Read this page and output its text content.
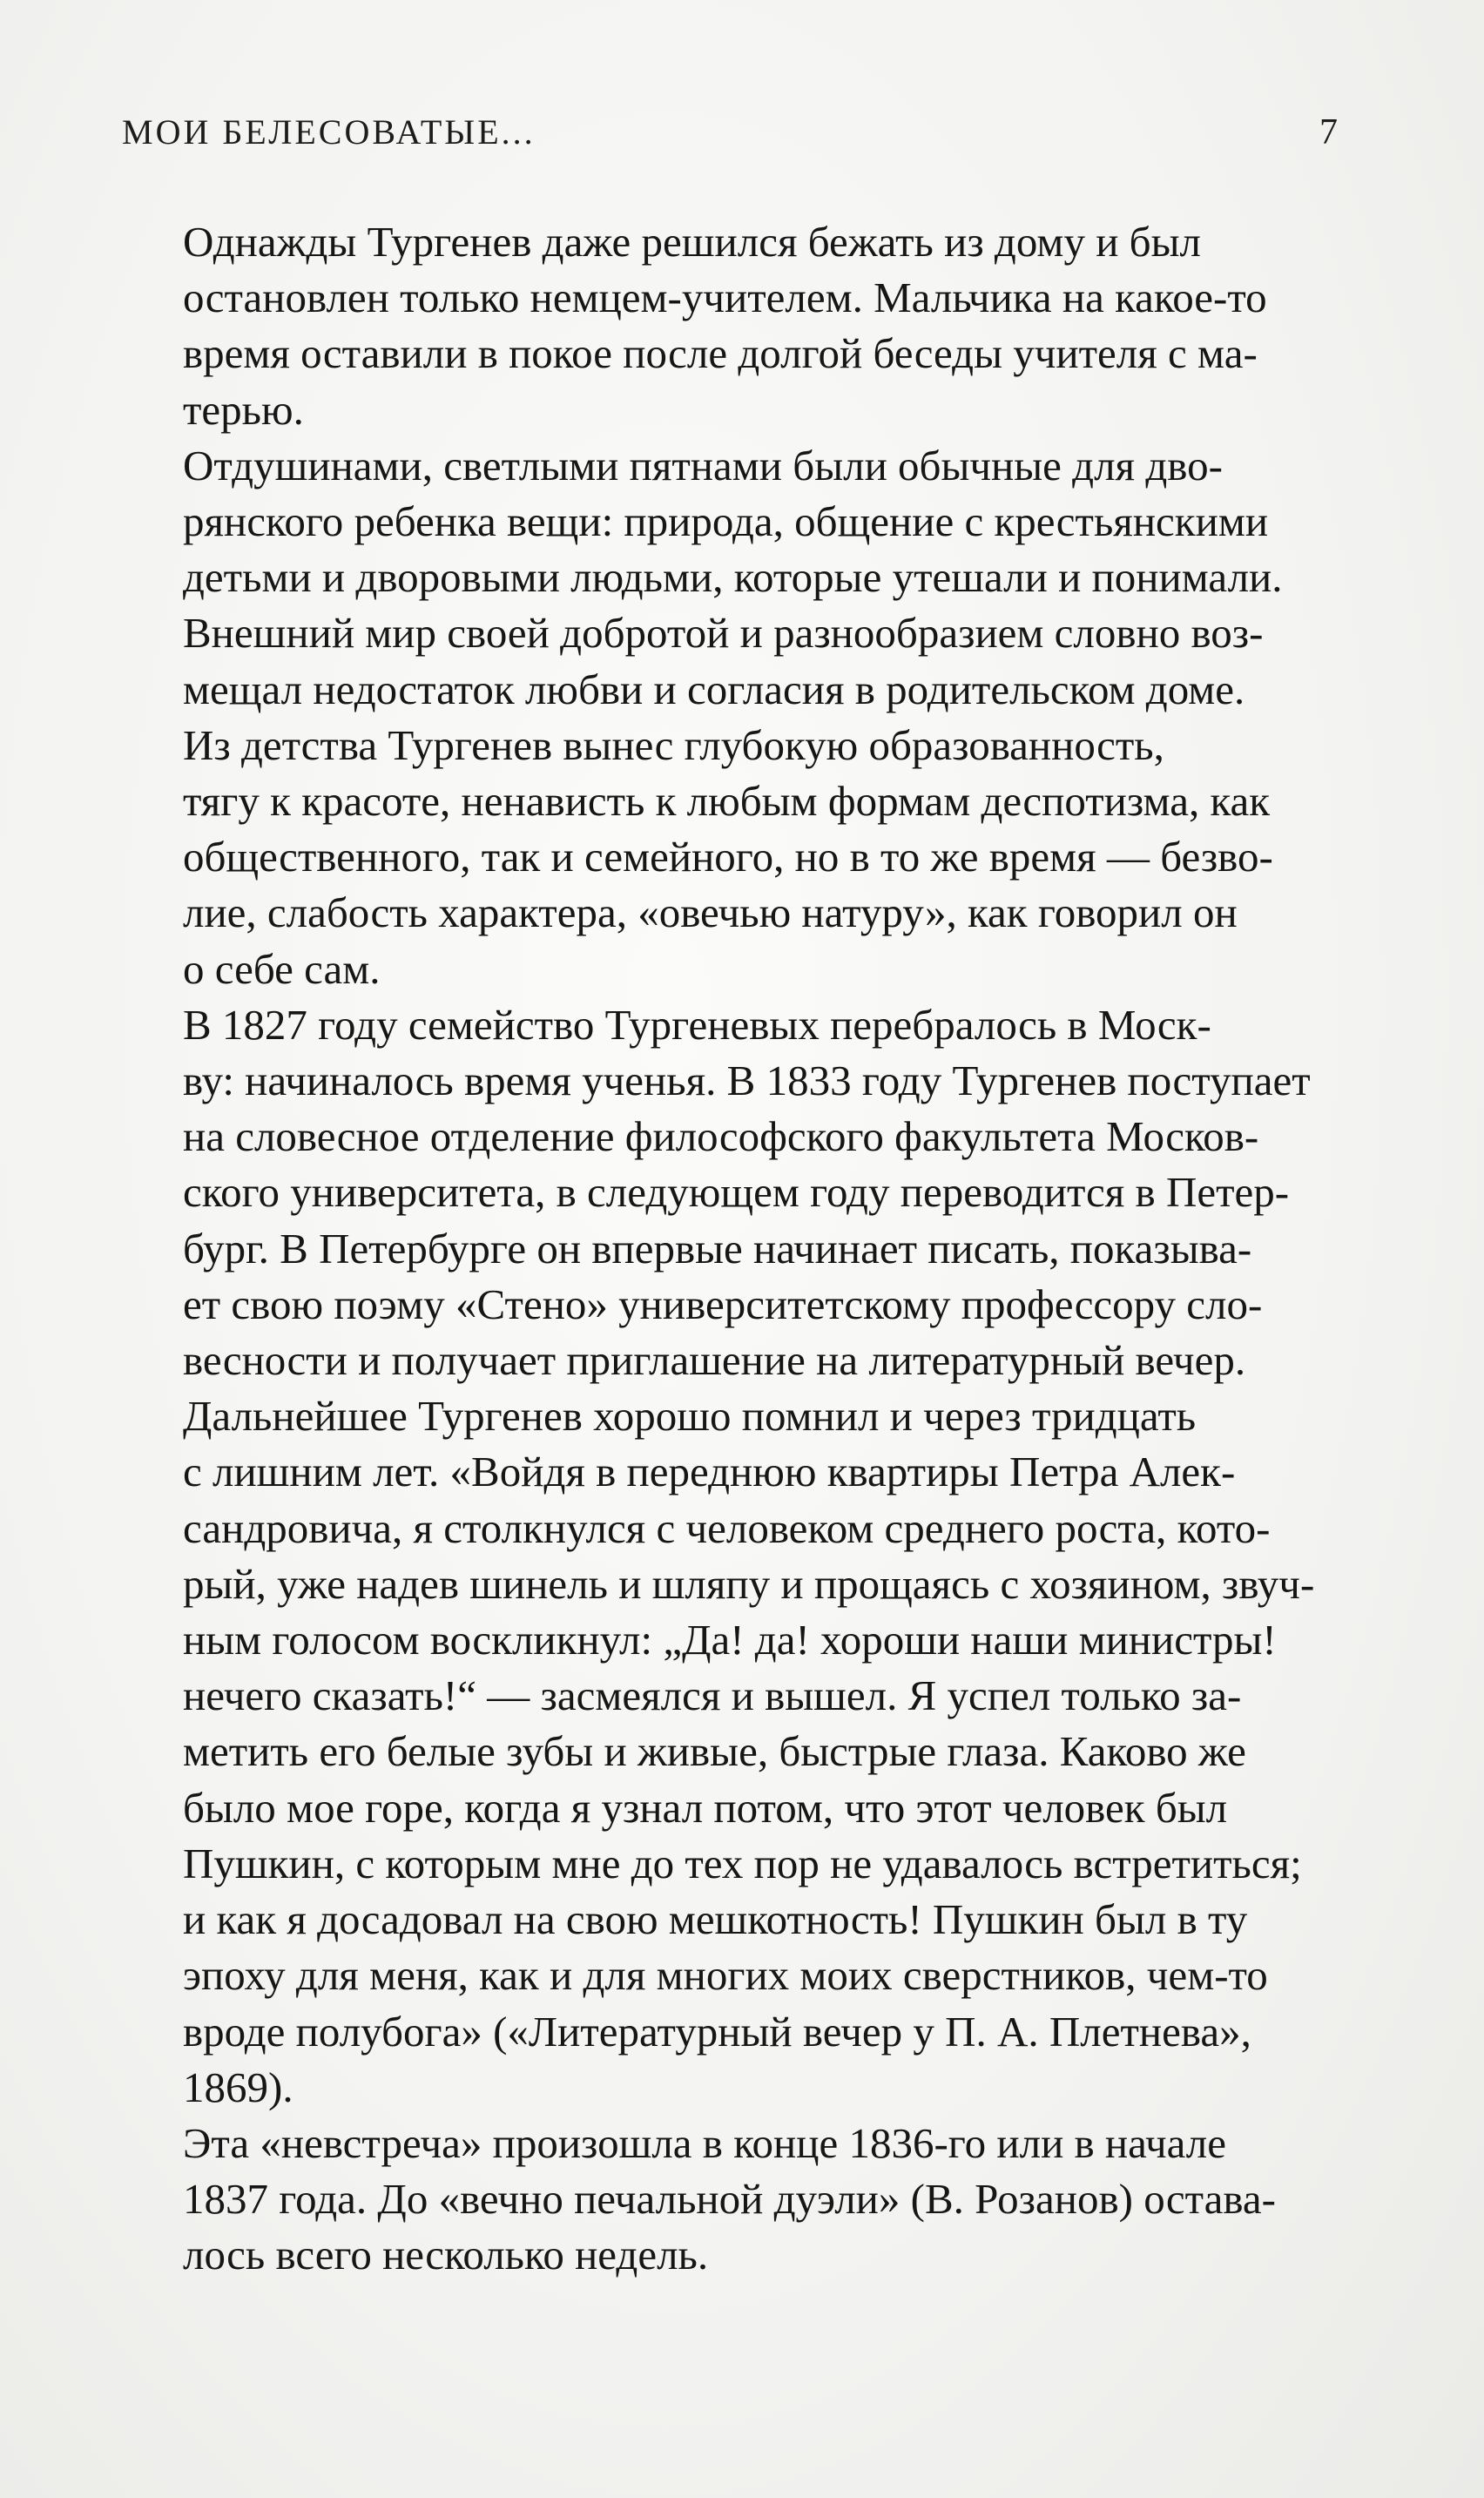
МОИ БЕЛЕСОВАТЫЕ...	7

Однажды Тургенев даже решился бежать из дому и был
остановлен только немцем-учителем. Мальчика на какое-то
время оставили в покое после долгой беседы учителя с ма-
терью.

Отдушинами, светлыми пятнами были обычные для дво-
рянского ребенка вещи: природа, общение с крестьянскими
детьми и дворовыми людьми, которые утешали и понимали.
Внешний мир своей добротой и разнообразием словно воз-
мещал недостаток любви и согласия в родительском доме.

Из детства Тургенев вынес глубокую образованность,
тягу к красоте, ненависть к любым формам деспотизма, как
общественного, так и семейного, но в то же время — безво-
лие, слабость характера, «овечью натуру», как говорил он
о себе сам.

В 1827 году семейство Тургеневых перебралось в Моск-
ву: начиналось время ученья. В 1833 году Тургенев поступает
на словесное отделение философского факультета Москов-
ского университета, в следующем году переводится в Петер-
бург. В Петербурге он впервые начинает писать, показыва-
ет свою поэму «Стено» университетскому профессору сло-
весности и получает приглашение на литературный вечер.

Дальнейшее Тургенев хорошо помнил и через тридцать
с лишним лет. «Войдя в переднюю квартиры Петра Алек-
сандровича, я столкнулся с человеком среднего роста, кото-
рый, уже надев шинель и шляпу и прощаясь с хозяином, звуч-
ным голосом воскликнул: „Да! да! хороши наши министры!
нечего сказать!“ — засмеялся и вышел. Я успел только за-
метить его белые зубы и живые, быстрые глаза. Каково же
было мое горе, когда я узнал потом, что этот человек был
Пушкин, с которым мне до тех пор не удавалось встретиться;
и как я досадовал на свою мешкотность! Пушкин был в ту
эпоху для меня, как и для многих моих сверстников, чем-то
вроде полубога» («Литературный вечер у П. А. Плетнева»,
1869).

Эта «невстреча» произошла в конце 1836-го или в начале
1837 года. До «вечно печальной дуэли» (В. Розанов) остава-
лось всего несколько недель.
